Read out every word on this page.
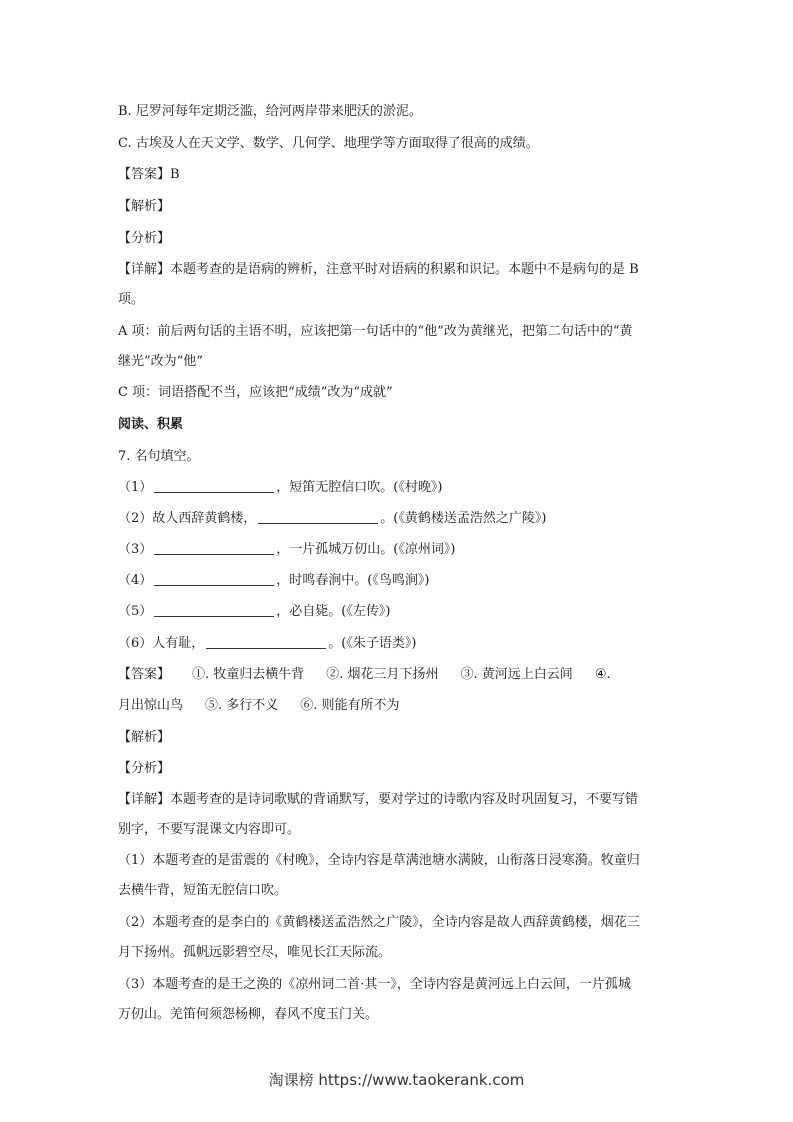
B. 尼罗河每年定期泛滥，给河两岸带来肥沃的淤泥。
C. 古埃及人在天文学、数学、几何学、地理学等方面取得了很高的成绩。
【答案】B
【解析】
【分析】
【详解】本题考查的是语病的辨析，注意平时对语病的积累和识记。本题中不是病句的是 B
项。
A 项：前后两句话的主语不明，应该把第一句话中的“他”改为黄继光，把第二句话中的“黄
继光”改为“他”
C 项：词语搭配不当，应该把“成绩”改为“成就”
阅读、积累
7. 名句填空。
（1）	，短笛无腔信口吹。(《村晚》)
（2）故人西辞黄鹤楼，	。(《黄鹤楼送孟浩然之广陵》)
（3）	，一片孤城万仞山。(《凉州词》)
（4）	，时鸣春涧中。(《鸟鸣涧》)
（5）	，必自毙。(《左传》)
（6）人有耻，	。(《朱子语类》)
【答案】 ①. 牧童归去横牛背 ②. 烟花三月下扬州 ③. 黄河远上白云间 ④.
月出惊山鸟 ⑤. 多行不义 ⑥. 则能有所不为
【解析】
【分析】
【详解】本题考查的是诗词歌赋的背诵默写，要对学过的诗歌内容及时巩固复习，不要写错
别字，不要写混课文内容即可。
（1）本题考查的是雷震的《村晚》，全诗内容是草满池塘水满陂，山衔落日浸寒漪。牧童归
去横牛背，短笛无腔信口吹。
（2）本题考查的是李白的《黄鹤楼送孟浩然之广陵》，全诗内容是故人西辞黄鹤楼，烟花三
月下扬州。孤帆远影碧空尽，唯见长江天际流。
（3）本题考查的是王之涣的《凉州词二首·其一》，全诗内容是黄河远上白云间，一片孤城
万仞山。羌笛何须怨杨柳，春风不度玉门关。
淘课榜 https://www.taokerank.com
